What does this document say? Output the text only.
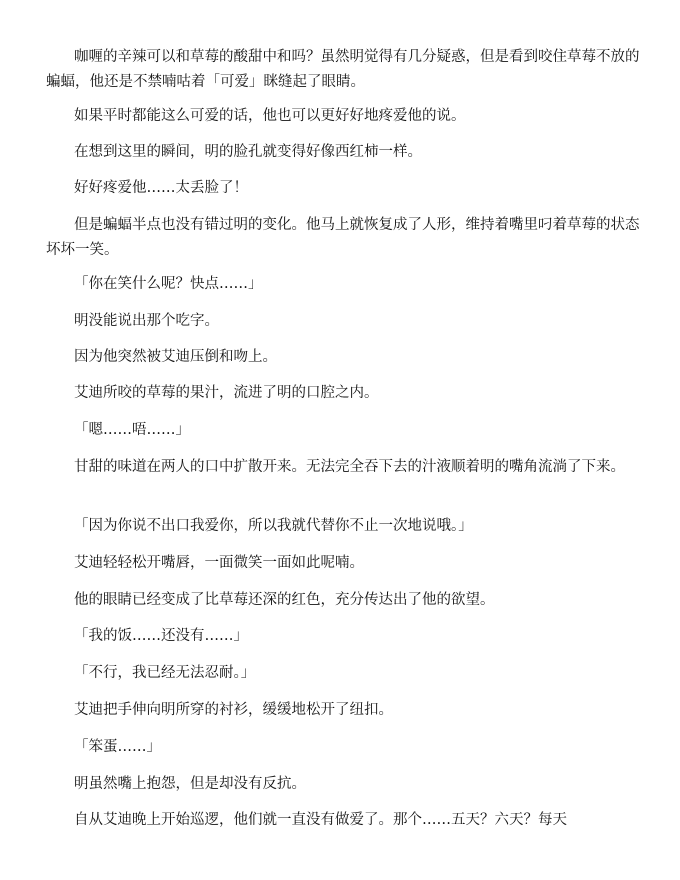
咖喱的辛辣可以和草莓的酸甜中和吗？虽然明觉得有几分疑惑，但是看到咬住草莓不放的蝙蝠，他还是不禁喃咕着「可爱」眯缝起了眼睛。

如果平时都能这么可爱的话，他也可以更好好地疼爱他的说。

在想到这里的瞬间，明的脸孔就变得好像西红柿一样。

好好疼爱他……太丢脸了！

但是蝙蝠半点也没有错过明的变化。他马上就恢复成了人形，维持着嘴里叼着草莓的状态坏坏一笑。

「你在笑什么呢？快点……」

明没能说出那个吃字。

因为他突然被艾迪压倒和吻上。

艾迪所咬的草莓的果汁，流进了明的口腔之内。

「嗯……唔……」

甘甜的味道在两人的口中扩散开来。无法完全吞下去的汁液顺着明的嘴角流淌了下来。

「因为你说不出口我爱你，所以我就代替你不止一次地说哦。」

艾迪轻轻松开嘴唇，一面微笑一面如此呢喃。

他的眼睛已经变成了比草莓还深的红色，充分传达出了他的欲望。

「我的饭……还没有……」

「不行，我已经无法忍耐。」

艾迪把手伸向明所穿的衬衫，缓缓地松开了纽扣。

「笨蛋……」

明虽然嘴上抱怨，但是却没有反抗。

自从艾迪晚上开始巡逻，他们就一直没有做爱了。那个……五天？六天？每天
